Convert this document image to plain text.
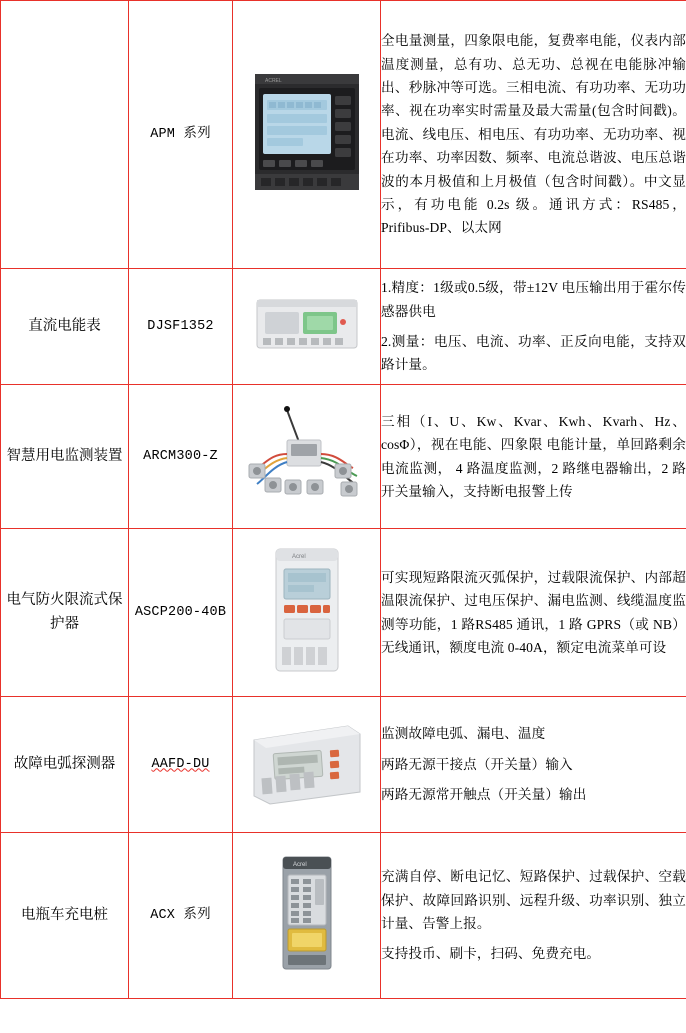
	APM 系列	ACREL	全电量测量，四象限电能，复费率电能，仪表内部温度测量，总有功、总无功、总视在电能脉冲输出、秒脉冲等可选。三相电流、有功功率、无功功率、视在功率实时需量及最大需量(包含时间戳)。电流、线电压、相电压、有功功率、无功功率、视在功率、功率因数、频率、电流总谐波、电压总谐波的本月极值和上月极值（包含时间戳）。中文显示，有功电能 0.2s 级。通讯方式：RS485，Prifibus-DP、以太网

直流电能表	DJSF1352		1.精度：1级或0.5级，带±12V 电压输出用于霍尔传感器供电

2.测量：电压、电流、功率、正反向电能，支持双路计量。

智慧用电监测装置	ARCM300-Z		三相（I、U、Kw、Kvar、Kwh、Kvarh、Hz、cosΦ），视在电能、四象限 电能计量，单回路剩余电流监测， 4 路温度监测，2 路继电器输出，2 路开关量输入，支持断电报警上传

电气防火限流式保护器	ASCP200-40B	Acrel	可实现短路限流灭弧保护，过载限流保护、内部超温限流保护、过电压保护、漏电监测、线缆温度监测等功能，1 路RS485 通讯，1 路 GPRS（或 NB）无线通讯，额度电流 0-40A，额定电流菜单可设

故障电弧探测器	AAFD-DU		监测故障电弧、漏电、温度

两路无源干接点（开关量）输入

两路无源常开触点（开关量）输出

电瓶车充电桩	ACX 系列	Acrel	充满自停、断电记忆、短路保护、过载保护、空载保护、故障回路识别、远程升级、功率识别、独立计量、告警上报。

支持投币、刷卡，扫码、免费充电。
